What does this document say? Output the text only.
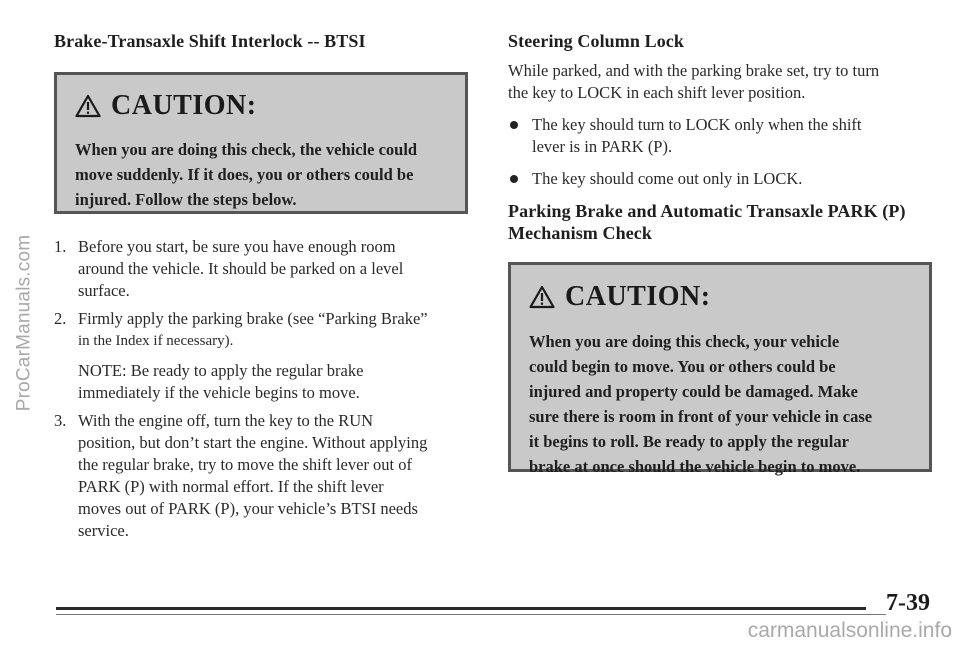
ProCarManuals.com
Brake-Transaxle Shift Interlock -- BTSI
CAUTION:
When you are doing this check, the vehicle could
move suddenly. If it does, you or others could be
injured. Follow the steps below.
1. Before you start, be sure you have enough room
around the vehicle. It should be parked on a level
surface.
2. Firmly apply the parking brake (see “Parking Brake”
in the Index if necessary).
NOTE: Be ready to apply the regular brake
immediately if the vehicle begins to move.
3. With the engine off, turn the key to the RUN
position, but don’t start the engine. Without applying
the regular brake, try to move the shift lever out of
PARK (P) with normal effort. If the shift lever
moves out of PARK (P), your vehicle’s BTSI needs
service.
Steering Column Lock

While parked, and with the parking brake set, try to turn
the key to LOCK in each shift lever position.

The key should turn to LOCK only when the shift
lever is in PARK (P).
The key should come out only in LOCK.
Parking Brake and Automatic Transaxle PARK (P)
Mechanism Check
CAUTION:
When you are doing this check, your vehicle
could begin to move. You or others could be
injured and property could be damaged. Make
sure there is room in front of your vehicle in case
it begins to roll. Be ready to apply the regular
brake at once should the vehicle begin to move.
7-39
carmanualsonline.info
